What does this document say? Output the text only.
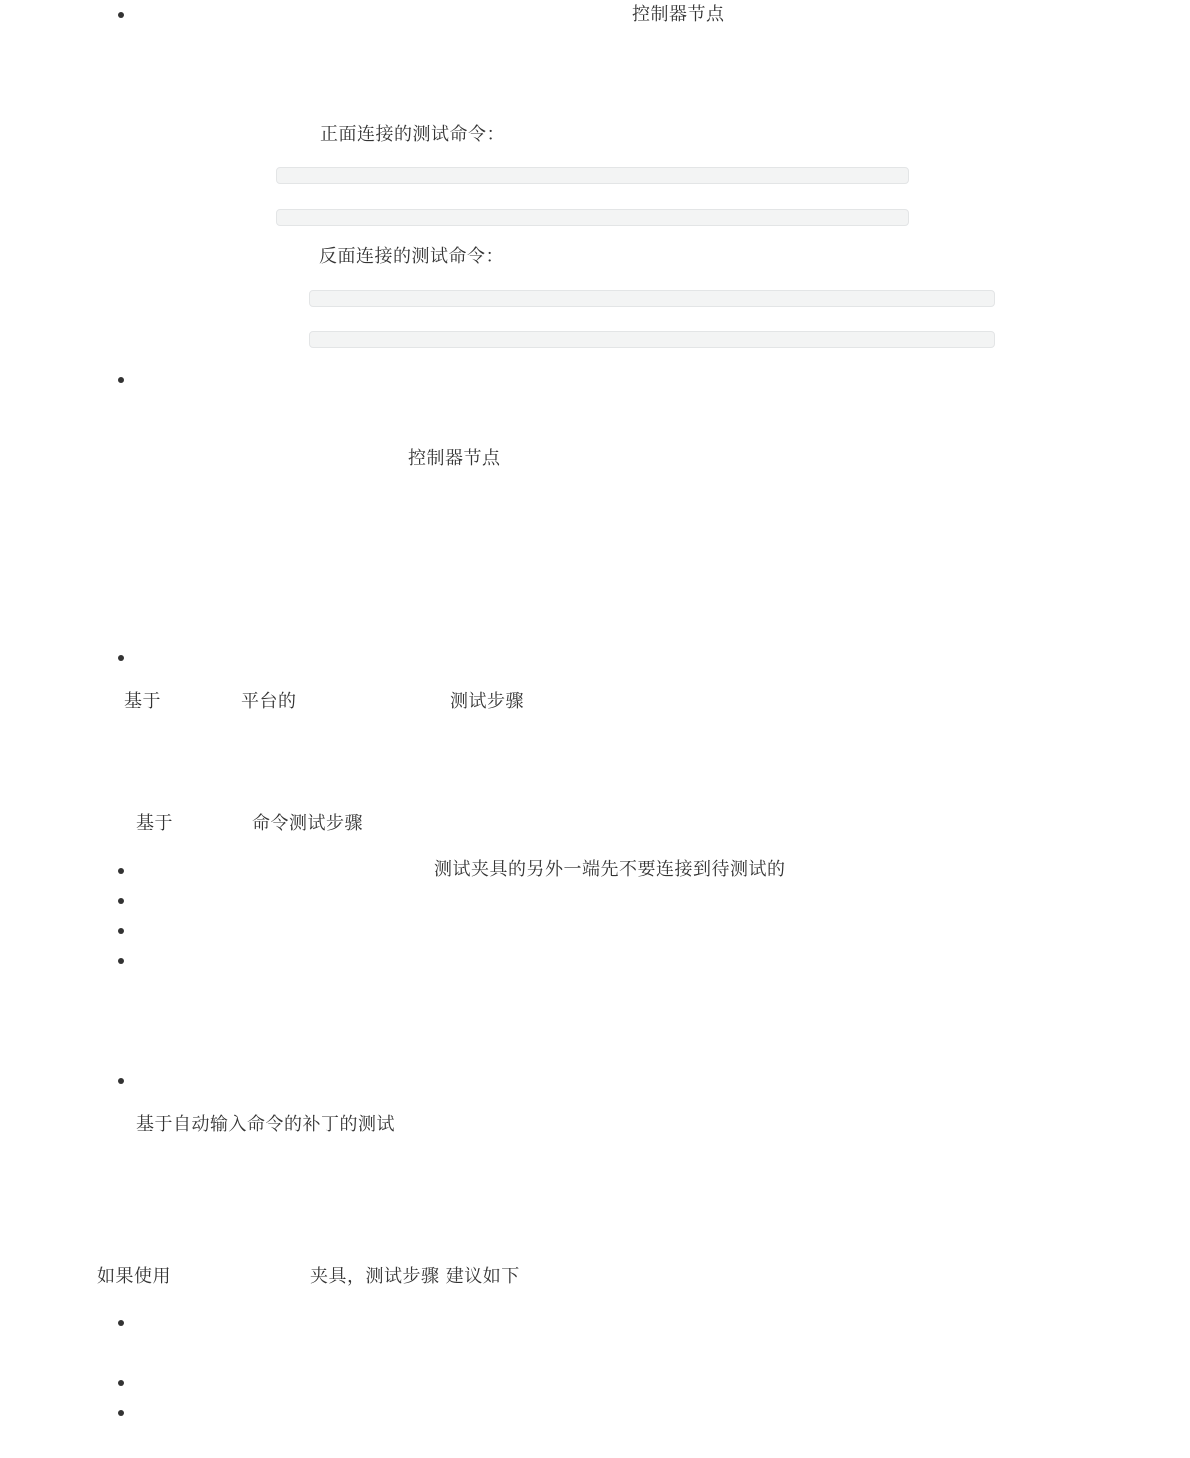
控制器节点
正面连接的测试命令：
反面连接的测试命令：
控制器节点
基于	平台的	测试步骤
基于	命令测试步骤
测试夹具的另外一端先不要连接到待测试的
基于自动输入命令的补丁的测试
如果使用	夹具，测试步骤 建议如下
